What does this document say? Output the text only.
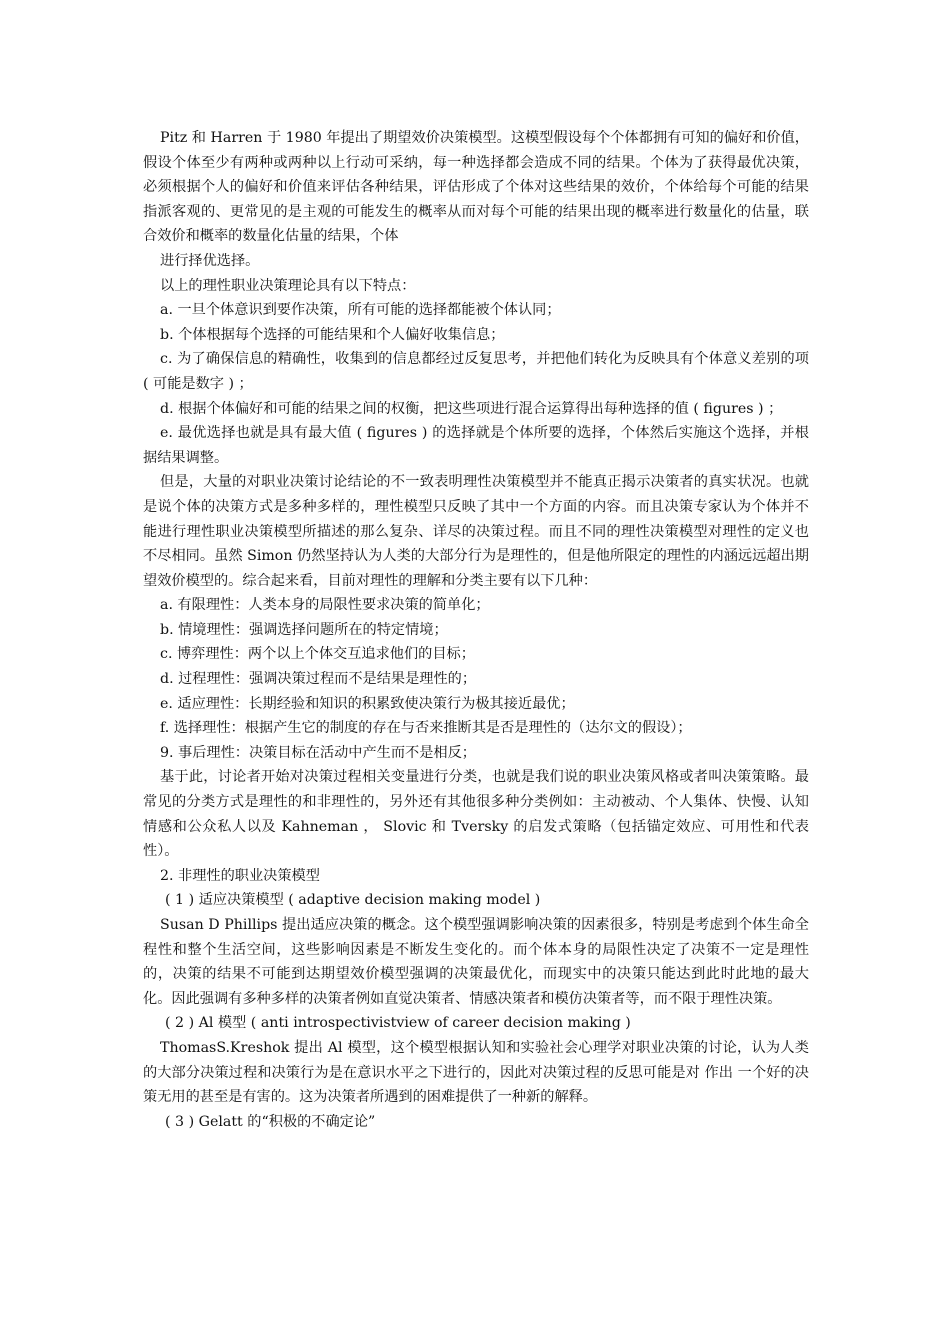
Pitz 和 Harren 于 1980 年提出了期望效价决策模型。这模型假设每个个体都拥有可知的偏好和价值，假设个体至少有两种或两种以上行动可采纳，每一种选择都会造成不同的结果。个体为了获得最优决策，必须根据个人的偏好和价值来评估各种结果，评估形成了个体对这些结果的效价，个体给每个可能的结果指派客观的、更常见的是主观的可能发生的概率从而对每个可能的结果出现的概率进行数量化的估量，联合效价和概率的数量化估量的结果，个体

进行择优选择。

以上的理性职业决策理论具有以下特点：

a. 一旦个体意识到要作决策，所有可能的选择都能被个体认同；

b. 个体根据每个选择的可能结果和个人偏好收集信息；

c. 为了确保信息的精确性，收集到的信息都经过反复思考，并把他们转化为反映具有个体意义差别的项 ( 可能是数字 ) ；

d. 根据个体偏好和可能的结果之间的权衡，把这些项进行混合运算得出每种选择的值 ( figures ) ；

e. 最优选择也就是具有最大值 ( figures ) 的选择就是个体所要的选择，个体然后实施这个选择，并根据结果调整。

但是，大量的对职业决策讨论结论的不一致表明理性决策模型并不能真正揭示决策者的真实状况。也就是说个体的决策方式是多种多样的，理性模型只反映了其中一个方面的内容。而且决策专家认为个体并不能进行理性职业决策模型所描述的那么复杂、详尽的决策过程。而且不同的理性决策模型对理性的定义也不尽相同。虽然 Simon 仍然坚持认为人类的大部分行为是理性的，但是他所限定的理性的内涵远远超出期望效价模型的。综合起来看，目前对理性的理解和分类主要有以下几种：

a. 有限理性：人类本身的局限性要求决策的简单化；

b. 情境理性：强调选择问题所在的特定情境；

c. 博弈理性：两个以上个体交互追求他们的目标；

d. 过程理性：强调决策过程而不是结果是理性的；

e. 适应理性：长期经验和知识的积累致使决策行为极其接近最优；

f. 选择理性：根据产生它的制度的存在与否来推断其是否是理性的（达尔文的假设）；

9. 事后理性：决策目标在活动中产生而不是相反；

基于此，讨论者开始对决策过程相关变量进行分类，也就是我们说的职业决策风格或者叫决策策略。最常见的分类方式是理性的和非理性的，另外还有其他很多种分类例如：主动被动、个人集体、快慢、认知情感和公众私人以及 Kahneman ， Slovic 和 Tversky 的启发式策略（包括锚定效应、可用性和代表性）。

2. 非理性的职业决策模型

( 1 ) 适应决策模型 ( adaptive decision making model )

Susan D Phillips 提出适应决策的概念。这个模型强调影响决策的因素很多，特别是考虑到个体生命全程性和整个生活空间，这些影响因素是不断发生变化的。而个体本身的局限性决定了决策不一定是理性的，决策的结果不可能到达期望效价模型强调的决策最优化，而现实中的决策只能达到此时此地的最大化。因此强调有多种多样的决策者例如直觉决策者、情感决策者和模仿决策者等，而不限于理性决策。

( 2 ) Al 模型 ( anti introspectivistview of career decision making )

ThomasS.Kreshok 提出 Al 模型，这个模型根据认知和实验社会心理学对职业决策的讨论，认为人类的大部分决策过程和决策行为是在意识水平之下进行的，因此对决策过程的反思可能是对 作出 一个好的决策无用的甚至是有害的。这为决策者所遇到的困难提供了一种新的解释。

( 3 ) Gelatt 的“积极的不确定论”
